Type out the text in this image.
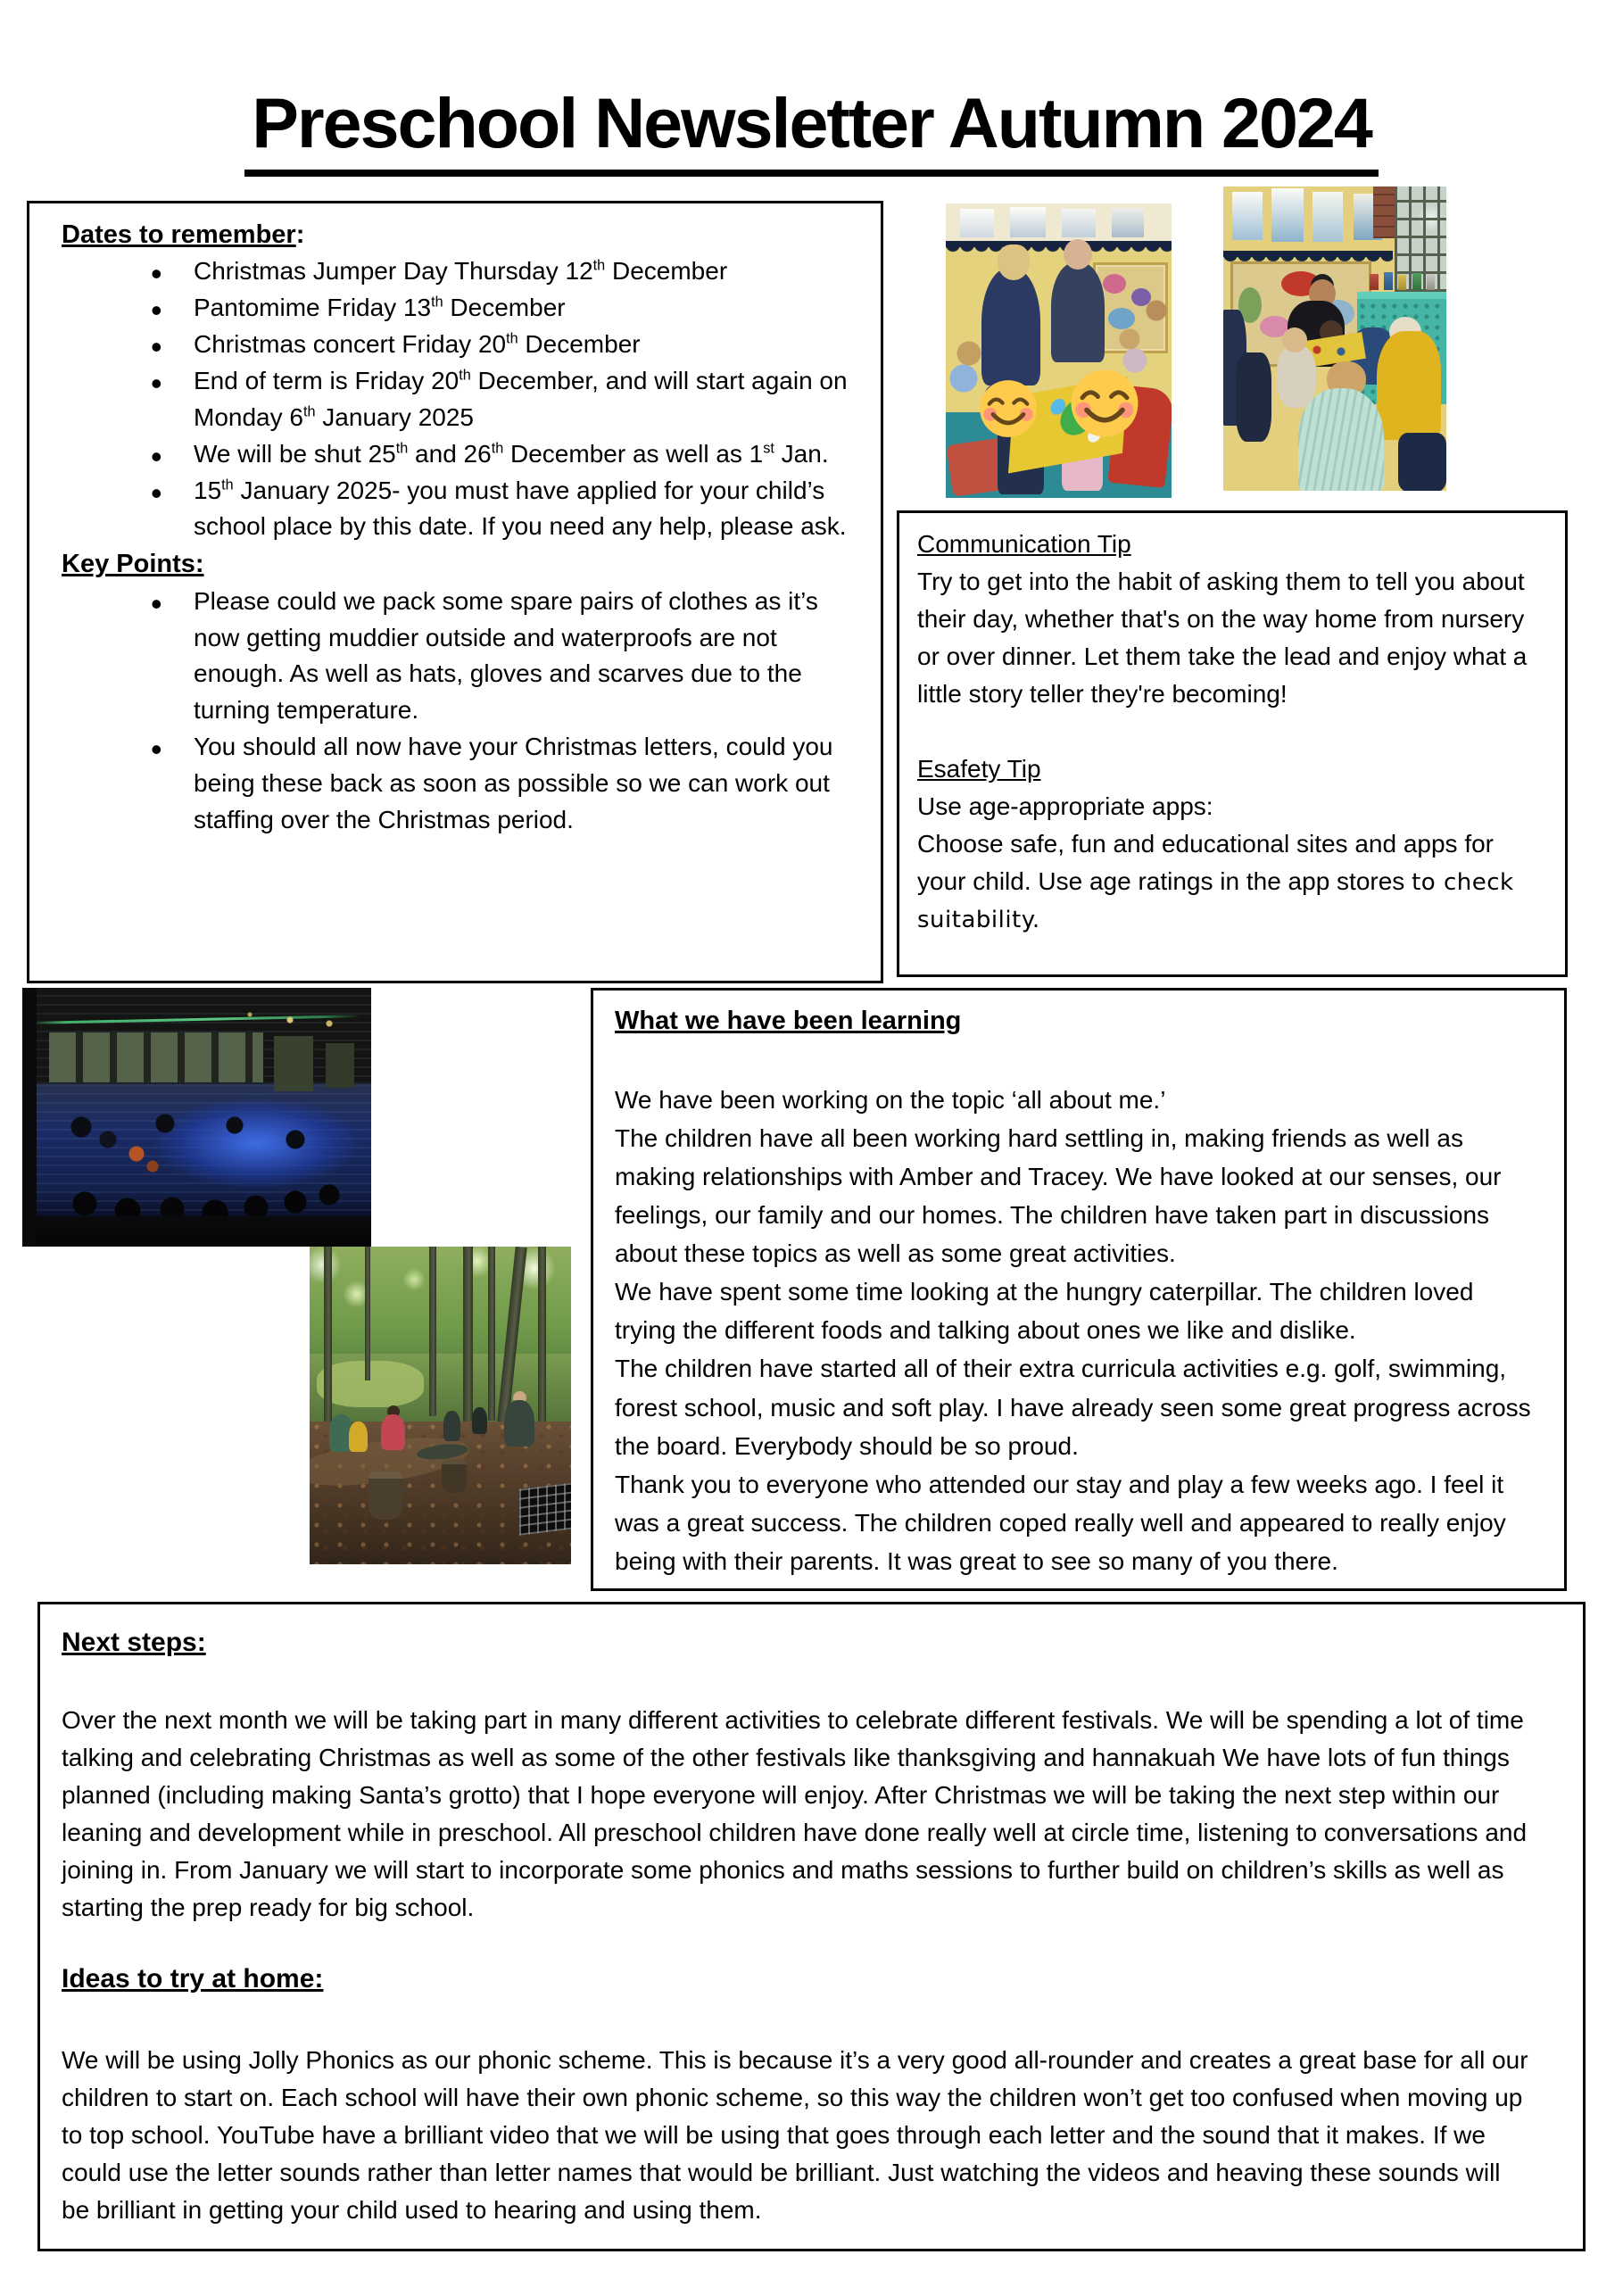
Preschool Newsletter Autumn 2024
Dates to remember:
• Christmas Jumper Day Thursday 12th December
• Pantomime Friday 13th December
• Christmas concert Friday 20th December
• End of term is Friday 20th December, and will start again on Monday 6th January 2025
• We will be shut 25th and 26th December as well as 1st Jan.
• 15th January 2025- you must have applied for your child’s school place by this date. If you need any help, please ask.
Key Points:
• Please could we pack some spare pairs of clothes as it’s now getting muddier outside and waterproofs are not enough. As well as hats, gloves and scarves due to the turning temperature.
• You should all now have your Christmas letters, could you being these back as soon as possible so we can work out staffing over the Christmas period.
Communication Tip

Try to get into the habit of asking them to tell you about their day, whether that's on the way home from nursery or over dinner. Let them take the lead and enjoy what a little story teller they're becoming!

Esafety Tip

Use age-appropriate apps:

Choose safe, fun and educational sites and apps for your child. Use age ratings in the app stores to check suitability.

What we have been learning

We have been working on the topic ‘all about me.’

The children have all been working hard settling in, making friends as well as making relationships with Amber and Tracey. We have looked at our senses, our feelings, our family and our homes. The children have taken part in discussions about these topics as well as some great activities.

We have spent some time looking at the hungry caterpillar. The children loved trying the different foods and talking about ones we like and dislike.

The children have started all of their extra curricula activities e.g. golf, swimming, forest school, music and soft play. I have already seen some great progress across the board. Everybody should be so proud.

Thank you to everyone who attended our stay and play a few weeks ago. I feel it was a great success. The children coped really well and appeared to really enjoy being with their parents. It was great to see so many of you there.

Next steps:

Over the next month we will be taking part in many different activities to celebrate different festivals. We will be spending a lot of time talking and celebrating Christmas as well as some of the other festivals like thanksgiving and hannakuah We have lots of fun things planned (including making Santa’s grotto) that I hope everyone will enjoy. After Christmas we will be taking the next step within our leaning and development while in preschool. All preschool children have done really well at circle time, listening to conversations and joining in. From January we will start to incorporate some phonics and maths sessions to further build on children’s skills as well as starting the prep ready for big school.

Ideas to try at home:

We will be using Jolly Phonics as our phonic scheme. This is because it’s a very good all-rounder and creates a great base for all our children to start on. Each school will have their own phonic scheme, so this way the children won’t get too confused when moving up to top school. YouTube have a brilliant video that we will be using that goes through each letter and the sound that it makes. If we could use the letter sounds rather than letter names that would be brilliant. Just watching the videos and heaving these sounds will be brilliant in getting your child used to hearing and using them.
